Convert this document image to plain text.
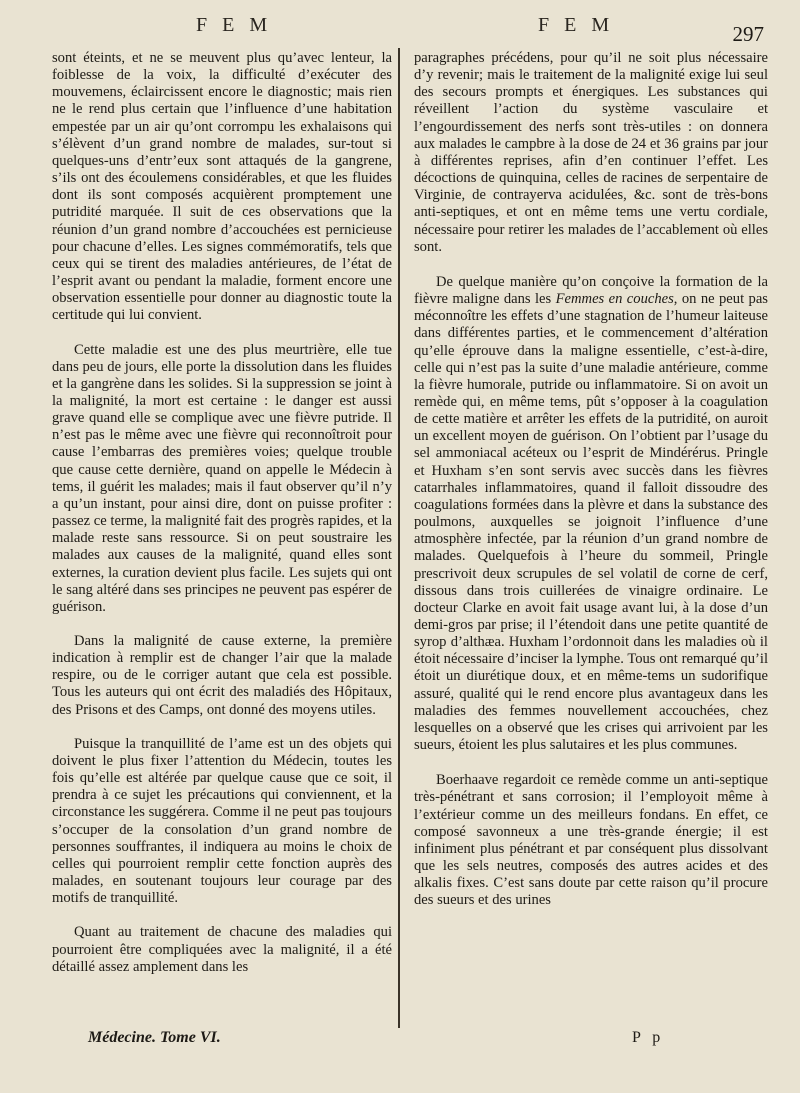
F E M	F E M	297

sont éteints, et ne se meuvent plus qu’avec lenteur, la foiblesse de la voix, la difficulté d’exécuter des mouvemens, éclaircissent encore le diagnostic; mais rien ne le rend plus certain que l’influence d’une habitation empestée par un air qu’ont corrompu les exhalaisons qui s’élèvent d’un grand nombre de malades, sur-tout si quelques-uns d’entr’eux sont attaqués de la gangrene, s’ils ont des écoulemens considérables, et que les fluides dont ils sont composés acquièrent promptement une putridité marquée. Il suit de ces observations que la réunion d’un grand nombre d’accouchées est pernicieuse pour chacune d’elles. Les signes commémoratifs, tels que ceux qui se tirent des maladies antérieures, de l’état de l’esprit avant ou pendant la maladie, forment encore une observation essentielle pour donner au diagnostic toute la certitude qui lui convient.

Cette maladie est une des plus meurtrière, elle tue dans peu de jours, elle porte la dissolution dans les fluides et la gangrène dans les solides. Si la suppression se joint à la malignité, la mort est certaine : le danger est aussi grave quand elle se complique avec une fièvre putride. Il n’est pas le même avec une fièvre qui reconnoîtroit pour cause l’embarras des premières voies; quelque trouble que cause cette dernière, quand on appelle le Médecin à tems, il guérit les malades; mais il faut observer qu’il n’y a qu’un instant, pour ainsi dire, dont on puisse profiter : passez ce terme, la malignité fait des progrès rapides, et la malade reste sans ressource. Si on peut soustraire les malades aux causes de la malignité, quand elles sont externes, la curation devient plus facile. Les sujets qui ont le sang altéré dans ses principes ne peuvent pas espérer de guérison.

Dans la malignité de cause externe, la première indication à remplir est de changer l’air que la malade respire, ou de le corriger autant que cela est possible. Tous les auteurs qui ont écrit des maladiés des Hôpitaux, des Prisons et des Camps, ont donné des moyens utiles.

Puisque la tranquillité de l’ame est un des objets qui doivent le plus fixer l’attention du Médecin, toutes les fois qu’elle est altérée par quelque cause que ce soit, il prendra à ce sujet les précautions qui conviennent, et la circonstance les suggérera. Comme il ne peut pas toujours s’occuper de la consolation d’un grand nombre de personnes souffrantes, il indiquera au moins le choix de celles qui pourroient remplir cette fonction auprès des malades, en soutenant toujours leur courage par des motifs de tranquillité.

Quant au traitement de chacune des maladies qui pourroient être compliquées avec la malignité, il a été détaillé assez amplement dans les

paragraphes précédens, pour qu’il ne soit plus nécessaire d’y revenir; mais le traitement de la malignité exige lui seul des secours prompts et énergiques. Les substances qui réveillent l’action du système vasculaire et l’engourdissement des nerfs sont très-utiles : on donnera aux malades le campbre à la dose de 24 et 36 grains par jour à différentes reprises, afin d’en continuer l’effet. Les décoctions de quinquina, celles de racines de serpentaire de Virginie, de contrayerva acidulées, &c. sont de très-bons anti-septiques, et ont en même tems une vertu cordiale, nécessaire pour retirer les malades de l’accablement où elles sont.

De quelque manière qu’on conçoive la formation de la fièvre maligne dans les Femmes en couches, on ne peut pas méconnoître les effets d’une stagnation de l’humeur laiteuse dans différentes parties, et le commencement d’altération qu’elle éprouve dans la maligne essentielle, c’est-à-dire, celle qui n’est pas la suite d’une maladie antérieure, comme la fièvre humorale, putride ou inflammatoire. Si on avoit un remède qui, en même tems, pût s’opposer à la coagulation de cette matière et arrêter les effets de la putridité, on auroit un excellent moyen de guérison. On l’obtient par l’usage du sel ammoniacal acéteux ou l’esprit de Mindérérus. Pringle et Huxham s’en sont servis avec succès dans les fièvres catarrhales inflammatoires, quand il falloit dissoudre des coagulations formées dans la plèvre et dans la substance des poulmons, auxquelles se joignoit l’influence d’une atmosphère infectée, par la réunion d’un grand nombre de malades. Quelquefois à l’heure du sommeil, Pringle prescrivoit deux scrupules de sel volatil de corne de cerf, dissous dans trois cuillerées de vinaigre ordinaire. Le docteur Clarke en avoit fait usage avant lui, à la dose d’un demi-gros par prise; il l’étendoit dans une petite quantité de syrop d’althæa. Huxham l’ordonnoit dans les maladies où il étoit nécessaire d’inciser la lymphe. Tous ont remarqué qu’il étoit un diurétique doux, et en même-tems un sudorifique assuré, qualité qui le rend encore plus avantageux dans les maladies des femmes nouvellement accouchées, chez lesquelles on a observé que les crises qui arrivoient par les sueurs, étoient les plus salutaires et les plus communes.

Boerhaave regardoit ce remède comme un anti-septique très-pénétrant et sans corrosion; il l’employoit même à l’extérieur comme un des meilleurs fondans. En effet, ce composé savonneux a une très-grande énergie; il est infiniment plus pénétrant et par conséquent plus dissolvant que les sels neutres, composés des autres acides et des alkalis fixes. C’est sans doute par cette raison qu’il procure des sueurs et des urines

Médecine. Tome VI.	P p
